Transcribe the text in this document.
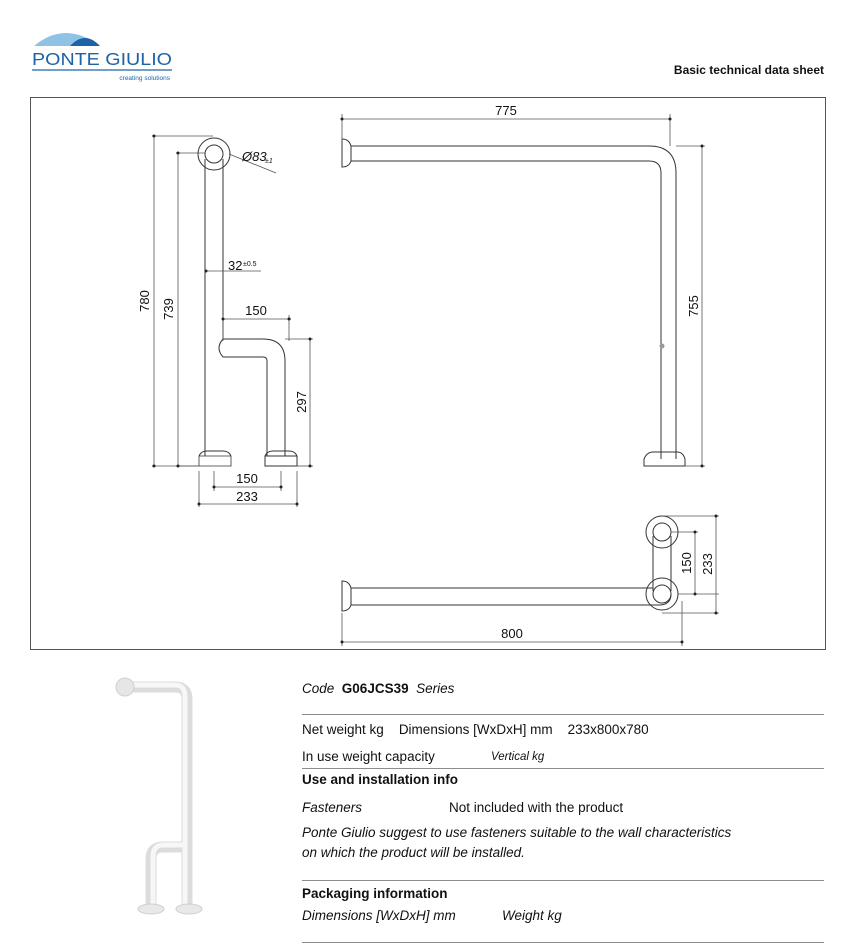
PONTE GIULIO
creating solutions
Basic technical data sheet
Ø83
±1
32 ±0.5
780 739	150
297
150
233
775
755
150 233
800
Code G06JCS39 Series
Net weight kg Dimensions [WxDxH] mm 233x800x780
In use weight capacity	Vertical kg
Use and installation info
Fasteners	Not included with the product
Ponte Giulio suggest to use fasteners suitable to the wall characteristics
on which the product will be installed.
Packaging information
Dimensions [WxDxH] mm	Weight kg
